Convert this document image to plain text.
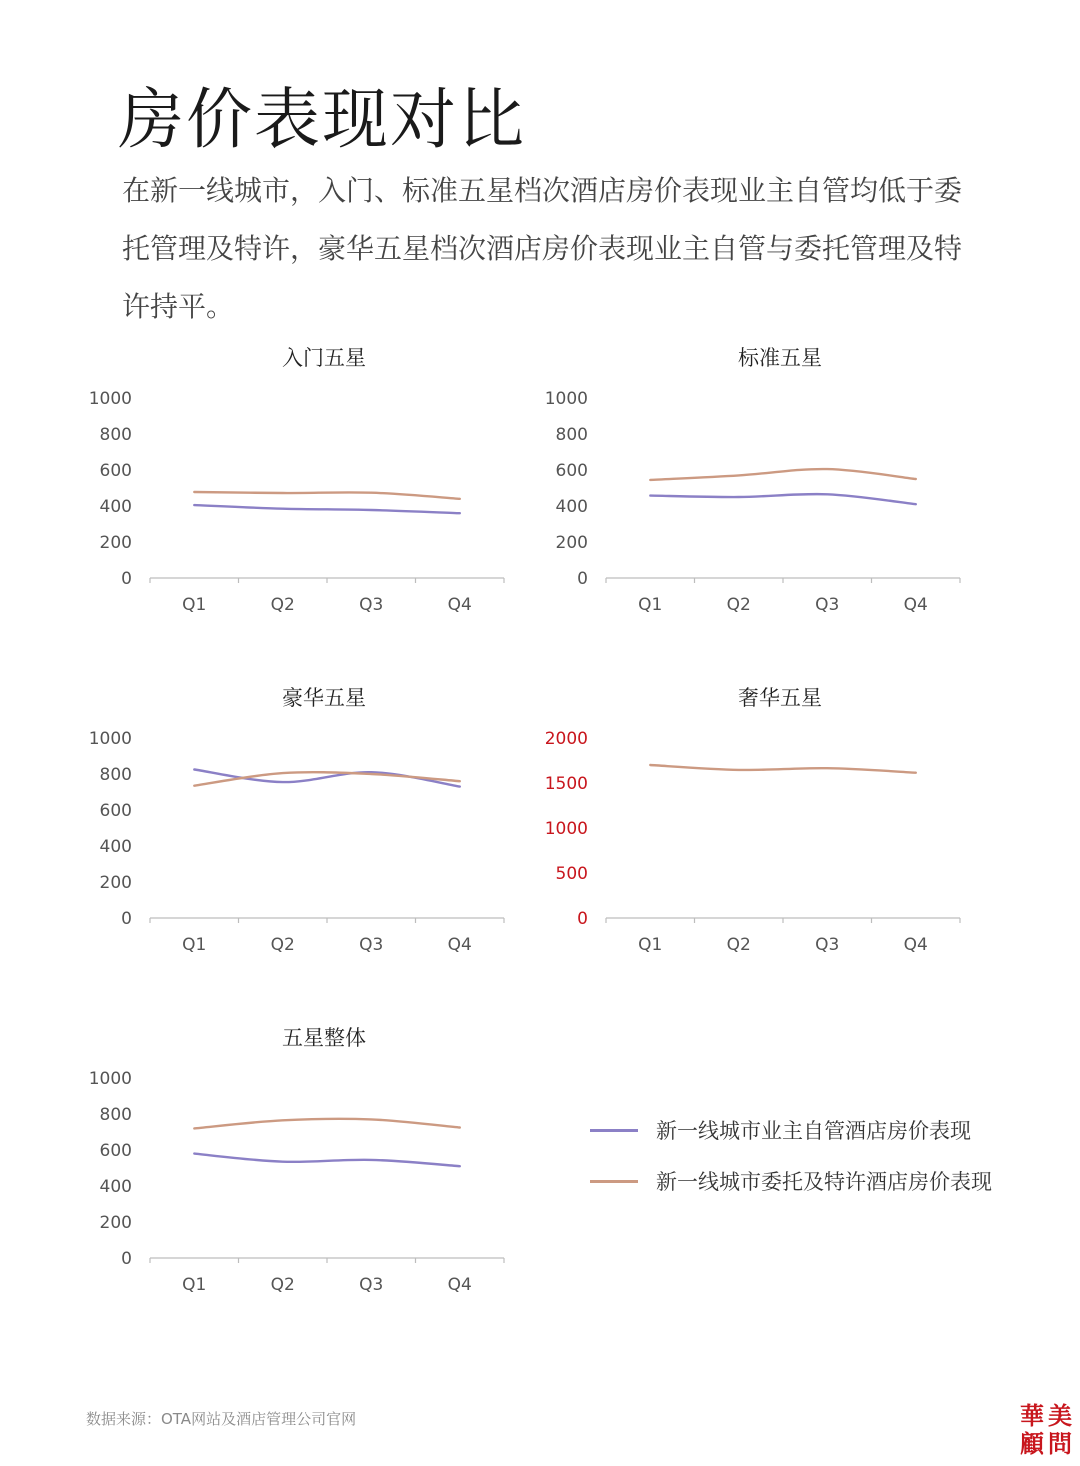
房价表现对比

在新一线城市，入门、标准五星档次酒店房价表现业主自管均低于委托管理及特许，豪华五星档次酒店房价表现业主自管与委托管理及特许持平。

入门五星
0
200
400
600
800
1000
Q1	Q2	Q3	Q4
标准五星
0
200
400
600
800
1000
Q1	Q2	Q3	Q4
豪华五星
0
200
400
600
800
1000
Q1	Q2	Q3	Q4
奢华五星
0
500
1000
1500
2000
Q1	Q2	Q3	Q4
五星整体
0
200
400
600
800
1000
Q1	Q2	Q3	Q4
新一线城市业主自管酒店房价表现
新一线城市委托及特许酒店房价表现
数据来源：OTA网站及酒店管理公司官网	華 美
顧 問
